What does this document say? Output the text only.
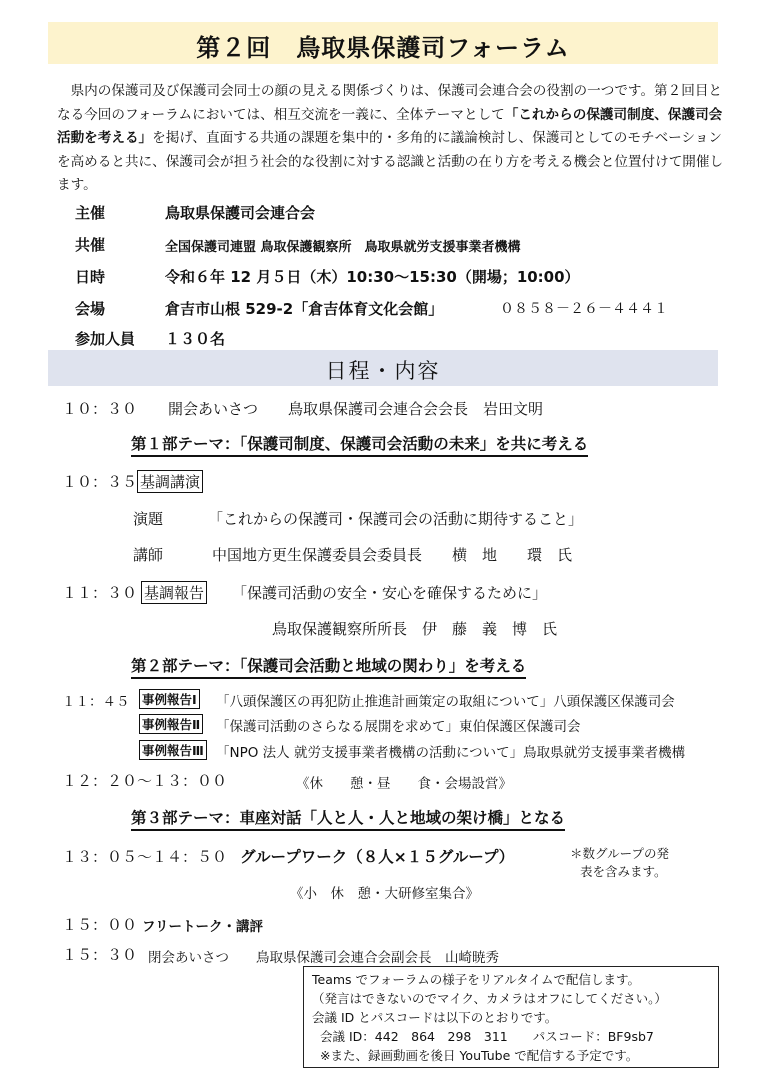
第２回　鳥取県保護司フォーラム

県内の保護司及び保護司会同士の顔の見える関係づくりは、保護司会連合会の役割の一つです。第２回目となる今回のフォーラムにおいては、相互交流を一義に、全体テーマとして「これからの保護司制度、保護司会活動を考える」を掲げ、直面する共通の課題を集中的・多角的に議論検討し、保護司としてのモチベーションを高めると共に、保護司会が担う社会的な役割に対する認識と活動の在り方を考える機会と位置付けて開催します。

主催	鳥取県保護司会連合会
共催	全国保護司連盟 鳥取保護観察所　鳥取県就労支援事業者機構
日時	令和６年 12 月５日（木）10:30～15:30（開場；10:00）
会場	倉吉市山根 529-2「倉吉体育文化会館」	０８５８－２６－４４４１
参加人員 １３０名
日程・内容
１０：３０ 開会あいさつ　　鳥取県保護司会連合会会長　岩田文明
第１部テーマ：「保護司制度、保護司会活動の未来」を共に考える
１０：３５ 基調講演
演題	「これからの保護司・保護司会の活動に期待すること」
講師	中国地方更生保護委員会委員長　　横　地　　環　氏
１１：３０ 基調報告 「保護司活動の安全・安心を確保するために」
鳥取保護観察所所長　伊　藤　義　博　氏
第２部テーマ：「保護司会活動と地域の関わり」を考える
１１：４５ 事例報告Ⅰ 「八頭保護区の再犯防止推進計画策定の取組について」八頭保護区保護司会
事例報告Ⅱ 「保護司活動のさらなる展開を求めて」東伯保護区保護司会
事例報告Ⅲ 「NPO 法人 就労支援事業者機構の活動について」鳥取県就労支援事業者機構
１２：２０～１３：００	《休　　憩・昼　　食・会場設営》
第３部テーマ：車座対話「人と人・人と地域の架け橋」となる
１３：０５～１４：５０ グループワーク（８人×１５グループ）	＊数グループの発
表を含みます。
《小　休　憩・大研修室集合》
１５：００ フリートーク・講評
１５：３０ 閉会あいさつ　　鳥取県保護司会連合会副会長　山崎暁秀
Teams でフォーラムの様子をリアルタイムで配信します。
（発言はできないのでマイク、カメラはオフにしてください。）
会議 ID とパスコードは以下のとおりです。
会議 ID：442　864　298　311　　パスコード：BF9sb7
※また、録画動画を後日 YouTube で配信する予定です。
